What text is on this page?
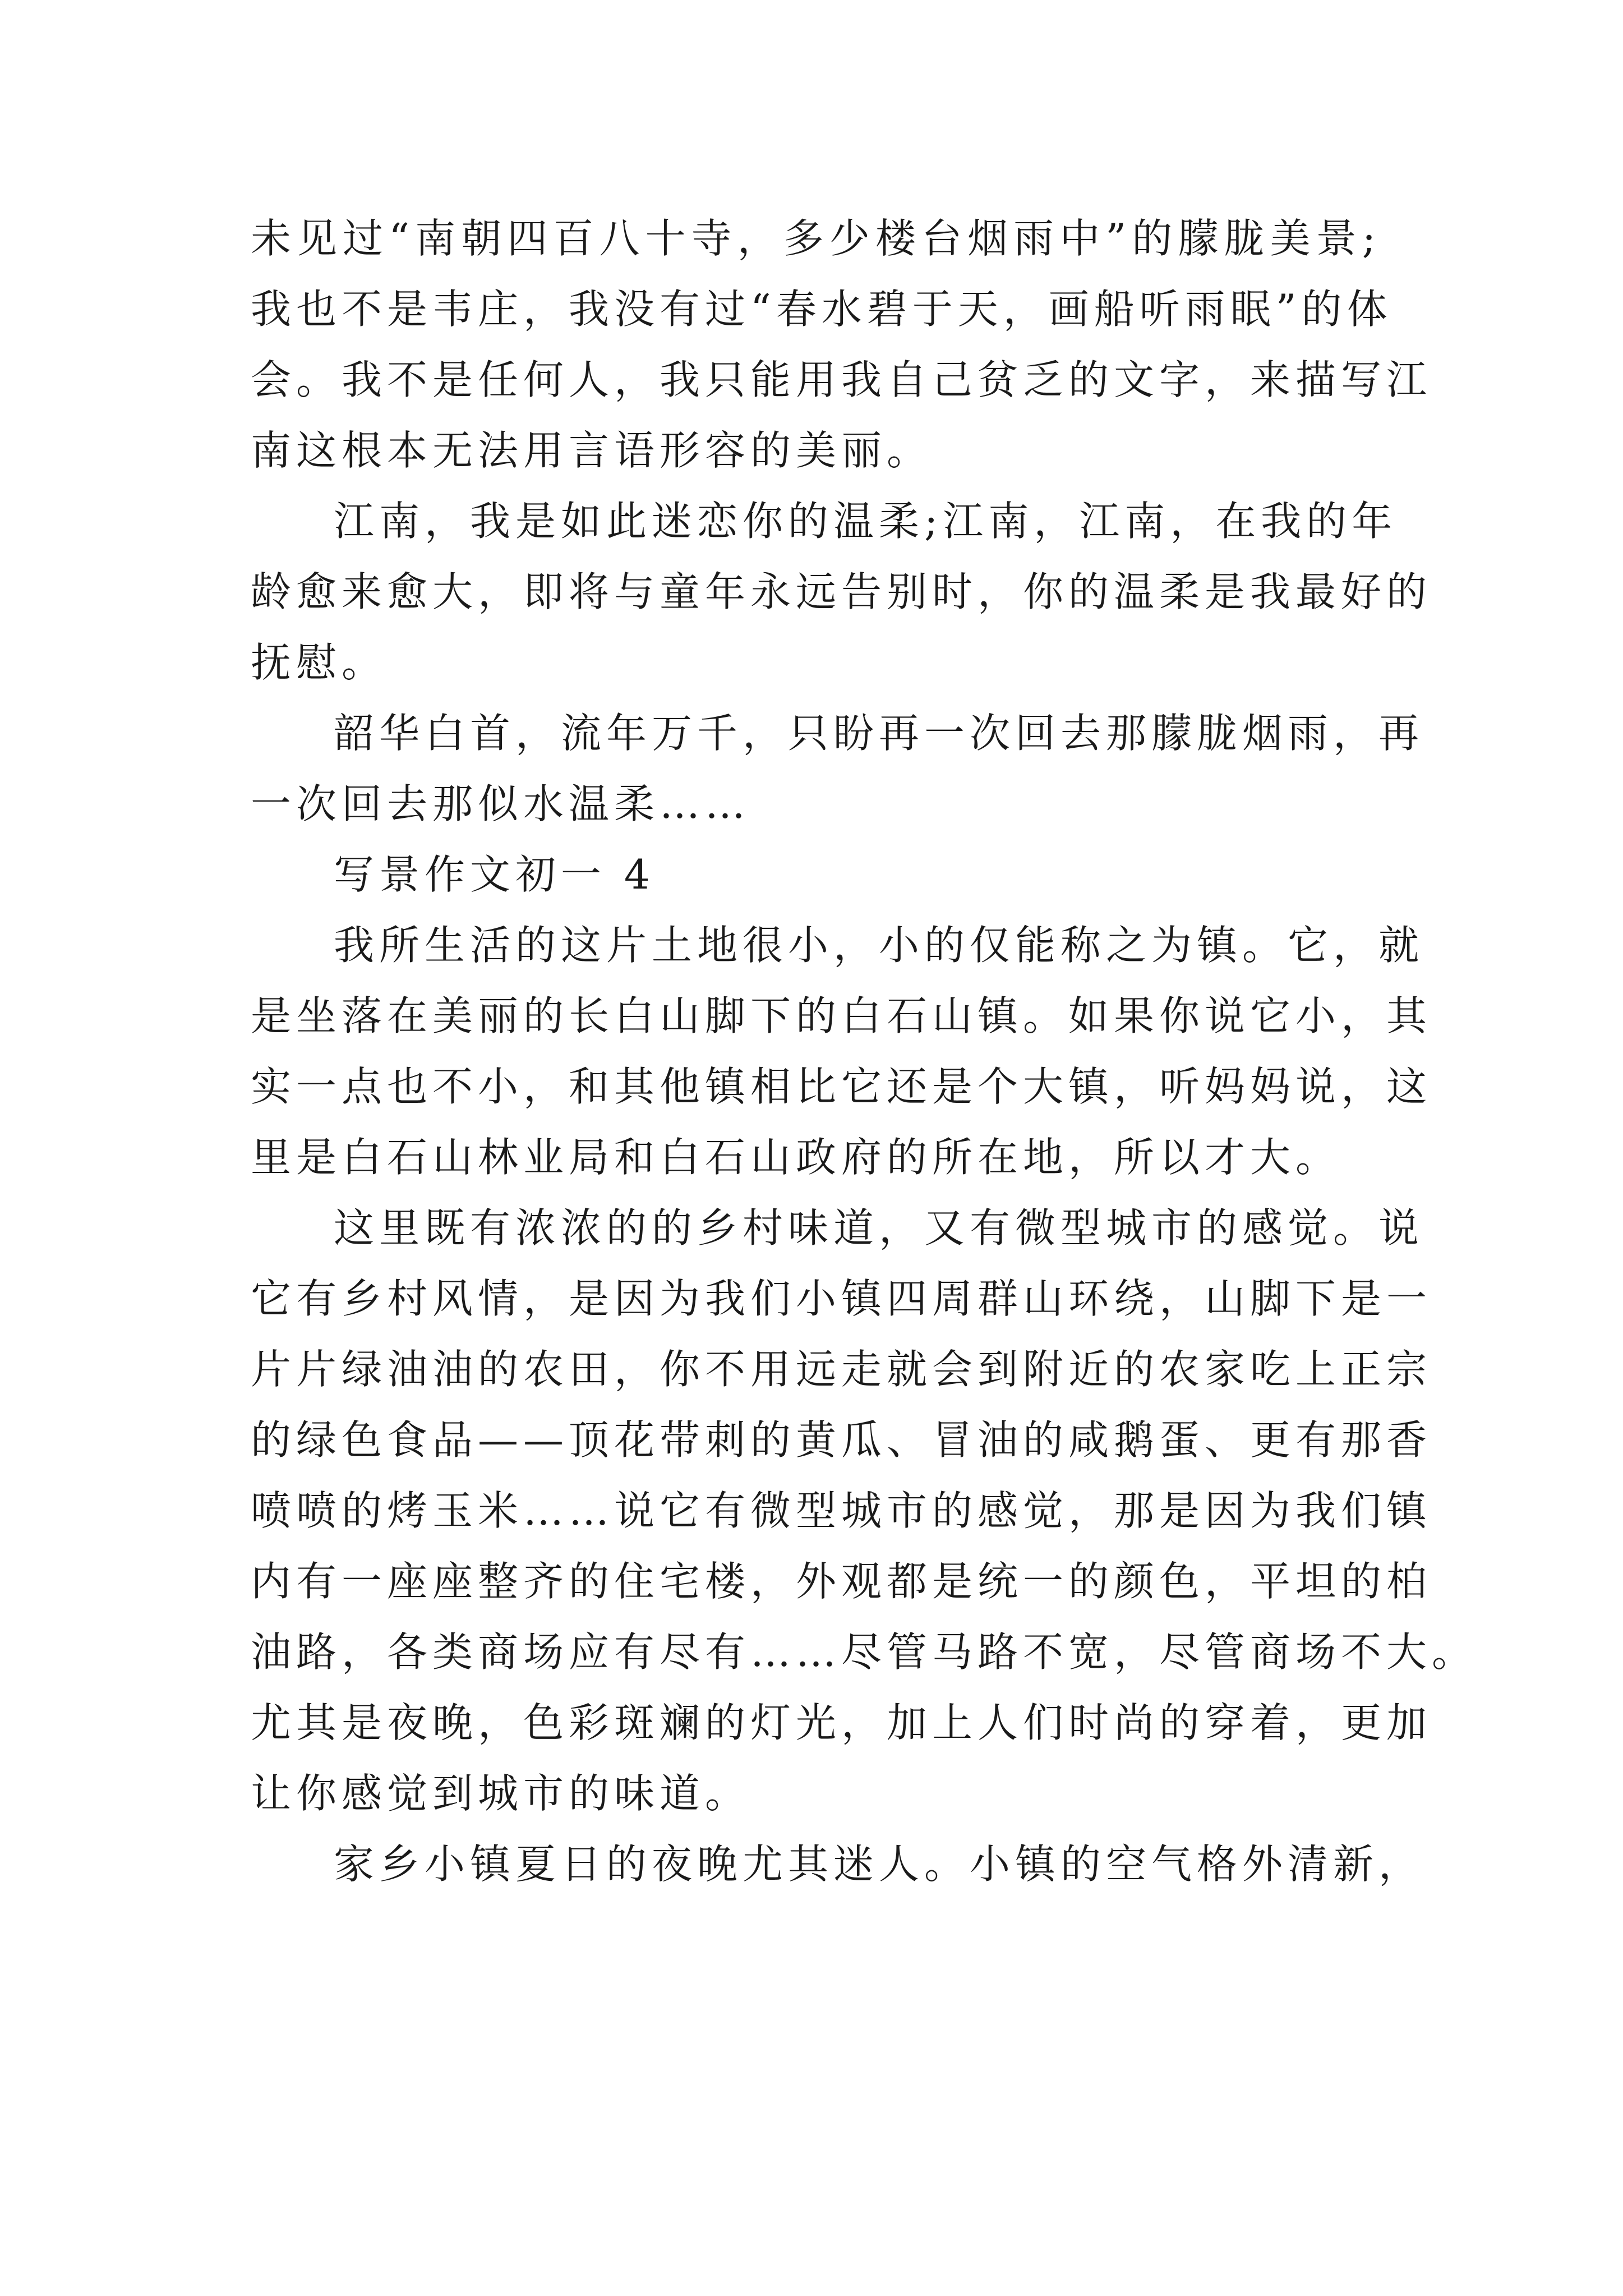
未见过“南朝四百八十寺，多少楼台烟雨中”的朦胧美景;
我也不是韦庄，我没有过“春水碧于天，画船听雨眠”的体
会。我不是任何人，我只能用我自己贫乏的文字，来描写江
南这根本无法用言语形容的美丽。
江南，我是如此迷恋你的温柔;江南，江南，在我的年
龄愈来愈大，即将与童年永远告别时，你的温柔是我最好的
抚慰。
韶华白首，流年万千，只盼再一次回去那朦胧烟雨，再
一次回去那似水温柔……
写景作文初一 4
我所生活的这片土地很小，小的仅能称之为镇。它，就
是坐落在美丽的长白山脚下的白石山镇。如果你说它小，其
实一点也不小，和其他镇相比它还是个大镇，听妈妈说，这
里是白石山林业局和白石山政府的所在地，所以才大。
这里既有浓浓的的乡村味道，又有微型城市的感觉。说
它有乡村风情，是因为我们小镇四周群山环绕，山脚下是一
片片绿油油的农田，你不用远走就会到附近的农家吃上正宗
的绿色食品——顶花带刺的黄瓜、冒油的咸鹅蛋、更有那香
喷喷的烤玉米……说它有微型城市的感觉，那是因为我们镇
内有一座座整齐的住宅楼，外观都是统一的颜色，平坦的柏
油路，各类商场应有尽有……尽管马路不宽，尽管商场不大。
尤其是夜晚，色彩斑斓的灯光，加上人们时尚的穿着，更加
让你感觉到城市的味道。
家乡小镇夏日的夜晚尤其迷人。小镇的空气格外清新，
